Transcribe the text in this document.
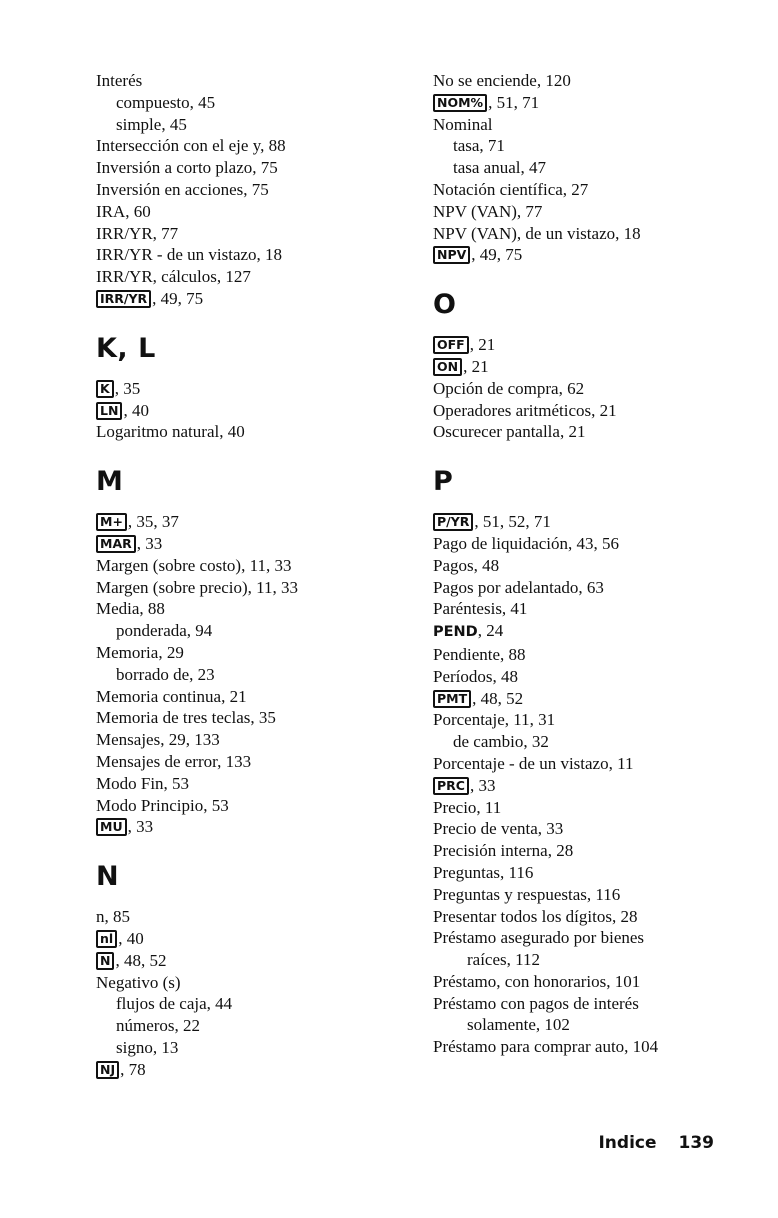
Interés
compuesto, 45
simple, 45
Intersección con el eje y, 88
Inversión a corto plazo, 75
Inversión en acciones, 75
IRA, 60
IRR/YR, 77
IRR/YR - de un vistazo, 18
IRR/YR, cálculos, 127
IRR/YR , 49, 75
K, L
K , 35
LN , 40
Logaritmo natural, 40
M
M+ , 35, 37
MAR , 33
Margen (sobre costo), 11, 33
Margen (sobre precio), 11, 33
Media, 88
ponderada, 94
Memoria, 29
borrado de, 23
Memoria continua, 21
Memoria de tres teclas, 35
Mensajes, 29, 133
Mensajes de error, 133
Modo Fin, 53
Modo Principio, 53
MU , 33
N
n, 85
nl , 40
N , 48, 52
Negativo (s)
flujos de caja, 44
números, 22
signo, 13
NJ , 78
No se enciende, 120
NOM% , 51, 71
Nominal
tasa, 71
tasa anual, 47
Notación científica, 27
NPV (VAN), 77
NPV (VAN), de un vistazo, 18
NPV , 49, 75
O
OFF , 21
ON , 21
Opción de compra, 62
Operadores aritméticos, 21
Oscurecer pantalla, 21
P
P/YR , 51, 52, 71
Pago de liquidación, 43, 56
Pagos, 48
Pagos por adelantado, 63
Paréntesis, 41
PEND, 24
Pendiente, 88
Períodos, 48
PMT , 48, 52
Porcentaje, 11, 31
de cambio, 32
Porcentaje - de un vistazo, 11
PRC , 33
Precio, 11
Precio de venta, 33
Precisión interna, 28
Preguntas, 116
Preguntas y respuestas, 116
Presentar todos los dígitos, 28
Préstamo asegurado por bienes
raíces, 112
Préstamo, con honorarios, 101
Préstamo con pagos de interés
solamente, 102
Préstamo para comprar auto, 104
Indice 139
